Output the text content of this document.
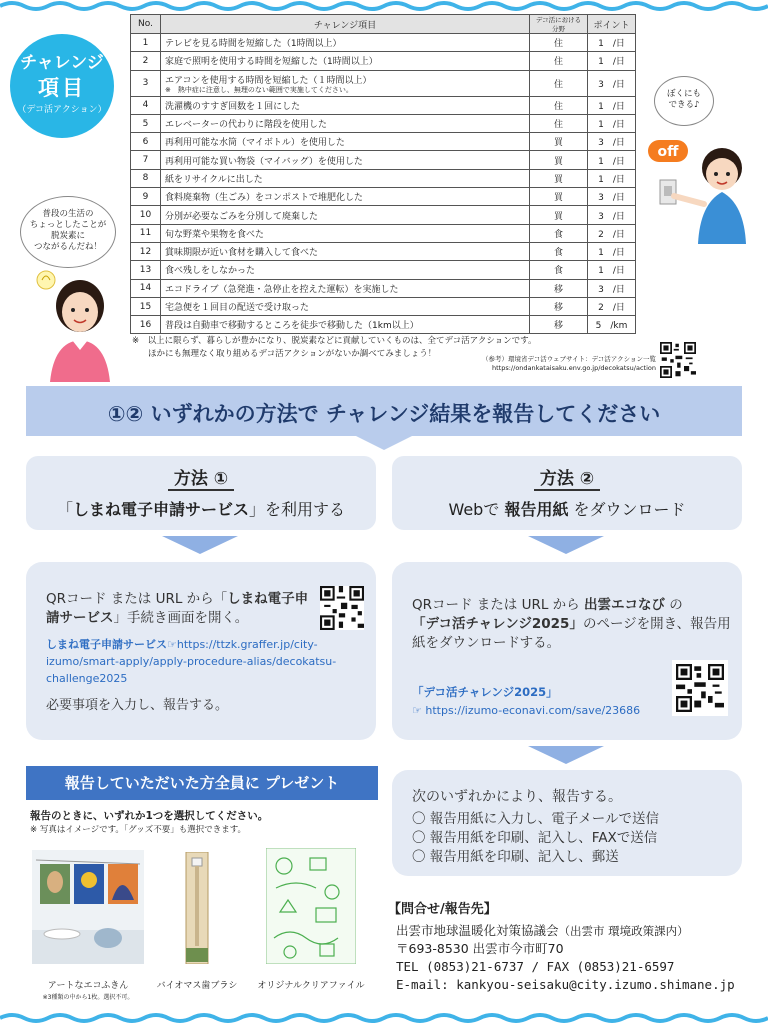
チャレンジ
項目
（デコ活アクション）
No.	チャレンジ項目	デコ活における分野	ポイント
1	テレビを見る時間を短縮した（1時間以上）	住	1　/日
2	家庭で照明を使用する時間を短縮した（1時間以上）	住	1　/日
3	エアコンを使用する時間を短縮した（１時間以上）
※　熱中症に注意し、無理のない範囲で実施してください。	住	3　/日
4	洗濯機のすすぎ回数を１回にした	住	1　/日
5	エレベーターの代わりに階段を使用した	住	1　/日
6	再利用可能な水筒（マイボトル）を使用した	買	3　/日
7	再利用可能な買い物袋（マイバッグ）を使用した	買	1　/日
8	紙をリサイクルに出した	買	1　/日
9	食料廃棄物（生ごみ）をコンポストで堆肥化した	買	3　/日
10	分別が必要なごみを分別して廃棄した	買	3　/日
11	旬な野菜や果物を食べた	食	2　/日
12	賞味期限が近い食材を購入して食べた	食	1　/日
13	食べ残しをしなかった	食	1　/日
14	エコドライブ（急発進・急停止を控えた運転）を実施した	移	3　/日
15	宅急便を１回目の配送で受け取った	移	2　/日
16	普段は自動車で移動するところを徒歩で移動した（1km以上）	移	5　/km
※　以上に限らず、暮らしが豊かになり、脱炭素などに貢献していくものは、全てデコ活アクションです。
ほかにも無理なく取り組めるデコ活アクションがないか調べてみましょう！	（参考）環境省デコ活ウェブサイト：デコ活アクション一覧
https://ondankataisaku.env.go.jp/decokatsu/action
普段の生活の
ちょっとしたことが
脱炭素に
つながるんだね！
ぼくにも
できる♪
off
①② いずれかの方法で チャレンジ結果を報告してください
方法 ①
「しまね電子申請サービス」を利用する
方法 ②
Webで 報告用紙 をダウンロード
QRコード または URL から「しまね電子申請サービス」手続き画面を開く。
しまね電子申請サービス☞https://ttzk.graffer.jp/city-izumo/smart-apply/apply-procedure-alias/decokatsu-challenge2025
必要事項を入力し、報告する。
QRコード または URL から 出雲エコなび の
「デコ活チャレンジ2025」のページを開き、報告用紙をダウンロードする。
「デコ活チャレンジ2025」
☞ https://izumo-econavi.com/save/23686
次のいずれかにより、報告する。
〇 報告用紙に入力し、電子メールで送信
〇 報告用紙を印刷、記入し、FAXで送信
〇 報告用紙を印刷、記入し、郵送
報告していただいた方全員に プレゼント
報告のときに、いずれか1つを選択してください。
※ 写真はイメージです。「グッズ不要」も選択できます。
アートなエコふきん
※3種類の中から1枚。選択不可。
バイオマス歯ブラシ	オリジナルクリアファイル
【問合せ/報告先】
出雲市地球温暖化対策協議会（出雲市 環境政策課内）
〒693-8530 出雲市今市町70
TEL (0853)21-6737 / FAX (0853)21-6597
E-mail: kankyou-seisaku@city.izumo.shimane.jp
